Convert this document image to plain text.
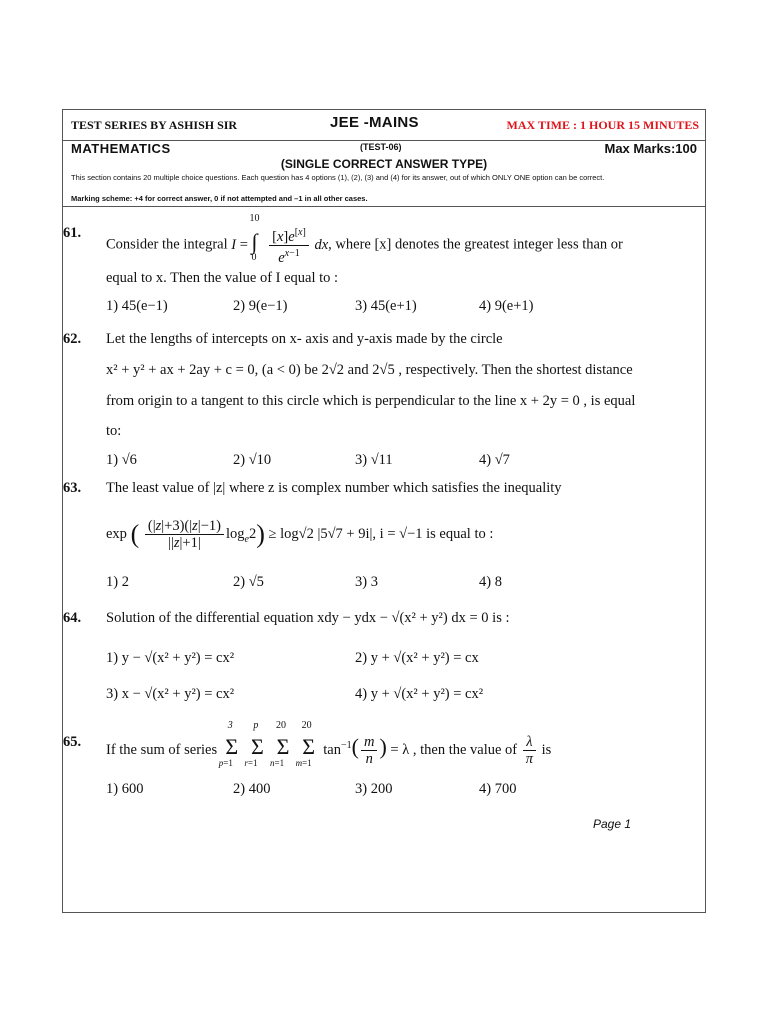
TEST SERIES BY ASHISH SIR	JEE -MAINS	MAX TIME : 1 HOUR 15 MINUTES
MATHEMATICS	(TEST-06)	Max Marks:100
(SINGLE CORRECT ANSWER TYPE)
This section contains 20 multiple choice questions. Each question has 4 options (1), (2), (3) and (4) for its answer, out of which ONLY ONE option can be correct.
Marking scheme: +4 for correct answer, 0 if not attempted and –1 in all other cases.
61.
Consider the integral I =
10
∫
0
$\frac{[x]e^{[x]}}{e^{x-1}}$ dx, where [x] denotes the greatest integer less than or
equal to x. Then the value of I equal to :
1) 45(e−1)	2) 9(e−1)	3) 45(e+1)	4) 9(e+1)
62. Let the lengths of intercepts on x- axis and y-axis made by the circle
x² + y² + ax + 2ay + c = 0, (a < 0) be 2√2 and 2√5 , respectively. Then the shortest distance
from origin to a tangent to this circle which is perpendicular to the line x + 2y = 0 , is equal
to:
1) √6	2) √10	3) √11	4) √7
63. The least value of |z| where z is complex number which satisfies the inequality
exp ( $\frac{(|z|+3)(|z|-1)}{||z|+1|} \log_e2) \ge \log√2$ |5√7 + 9i|, i = √−1 is equal to :
1) 2	2) √5	3) 3	4) 8
64. Solution of the differential equation xdy − ydx − √(x² + y²) dx = 0 is :
1) y − √(x² + y²) = cx²	2) y + √(x² + y²) = cx
3) x − √(x² + y²) = cx²	4) y + √(x² + y²) = cx²
65. If the sum of series
3
Σ
p=1

p
Σ
r=1

20
Σ
n=1

20
Σ
m=1
$\tan^{-1}( \frac{m}{n}$ ) = λ , then the value of $\frac{\lambda}{\pi}$ is
1) 600	2) 400	3) 200	4) 700
Page 1
